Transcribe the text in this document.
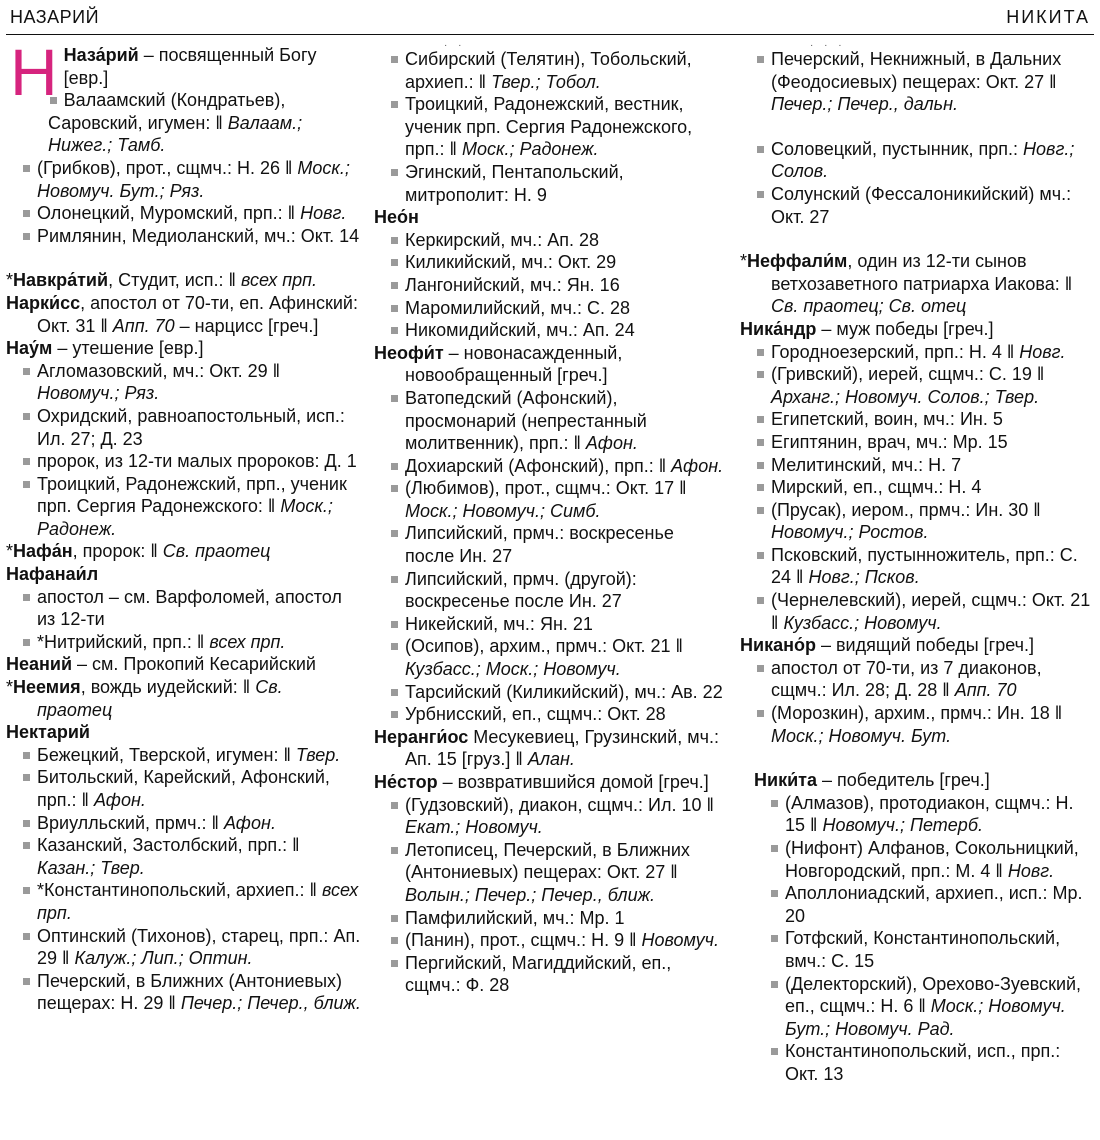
НАЗАРИЙ	НИКИТА
Н Наза́рий – посвященный Богу [евр.]
Валаамский (Кондратьев), Саровский, игумен: ‖ Валаам.; Нижег.; Тамб.
(Грибков), прот., сщмч.: Н. 26 ‖ Моск.; Новомуч. Бут.; Ряз.
Олонецкий, Муромский, прп.: ‖ Новг.
Римлянин, Медиоланский, мч.: Окт. 14
*Навкра́тий, Студит, исп.: ‖ всех прп.
Нарки́сс, апостол от 70-ти, еп. Афинский: Окт. 31 ‖ Апп. 70 – нарцисс [греч.]
Нау́м – утешение [евр.]
Агломазовский, мч.: Окт. 29 ‖ Новомуч.; Ряз.
Охридский, равноапостольный, исп.: Ил. 27; Д. 23
пророк, из 12-ти малых пророков: Д. 1
Троицкий, Радонежский, прп., ученик прп. Сергия Радонежского: ‖ Моск.; Радонеж.
*Нафа́н, пророк: ‖ Св. праотец
Нафанаи́л
апостол – см. Варфоломей, апостол из 12-ти
*Нитрийский, прп.: ‖ всех прп.
Неаний – см. Прокопий Кесарийский
*Неемия, вождь иудейский: ‖ Св. праотец
Нектарий
Бежецкий, Тверской, игумен: ‖ Твер.
Битольский, Карейский, Афонский, прп.: ‖ Афон.
Вриулльский, прмч.: ‖ Афон.
Казанский, Застолбский, прп.: ‖ Казан.; Твер.
*Константинопольский, архиеп.: ‖ всех прп.
Оптинский (Тихонов), старец, прп.: Ап. 29 ‖ Калуж.; Лип.; Оптин.
Печерский, в Ближних (Антониевых) пещерах: Н. 29 ‖ Печер.; Печер., ближ.
· ·
Сибирский (Телятин), Тобольский, архиеп.: ‖ Твер.; Тобол.
Троицкий, Радонежский, вестник, ученик прп. Сергия Радонежского, прп.: ‖ Моск.; Радонеж.
Эгинский, Пентапольский, митрополит: Н. 9
Нео́н
Керкирский, мч.: Ап. 28
Киликийский, мч.: Окт. 29
Лангонийский, мч.: Ян. 16
Маромилийский, мч.: С. 28
Никомидийский, мч.: Ап. 24
Неофи́т – новонасажденный, новообращенный [греч.]
Ватопедский (Афонский), просмонарий (непрестанный молитвенник), прп.: ‖ Афон.
Дохиарский (Афонский), прп.: ‖ Афон.
(Любимов), прот., сщмч.: Окт. 17 ‖ Моск.; Новомуч.; Симб.
Липсийский, прмч.: воскресенье после Ин. 27
Липсийский, прмч. (другой): воскресенье после Ин. 27
Никейский, мч.: Ян. 21
(Осипов), архим., прмч.: Окт. 21 ‖ Кузбасс.; Моск.; Новомуч.
Тарсийский (Киликийский), мч.: Ав. 22
Урбниcский, еп., сщмч.: Окт. 28
Неранги́ос Месукевиец, Грузинский, мч.: Ап. 15 [груз.] ‖ Алан.
Не́стор – возвратившийся домой [греч.]
(Гудзовский), диакон, сщмч.: Ил. 10 ‖ Екат.; Новомуч.
Летописец, Печерский, в Ближних (Антониевых) пещерах: Окт. 27 ‖ Волын.; Печер.; Печер., ближ.
Памфилийский, мч.: Мр. 1
(Панин), прот., сщмч.: Н. 9 ‖ Новомуч.
Пергийский, Магиддийский, еп., сщмч.: Ф. 28
· · ·
Печерский, Некнижный, в Дальних (Феодосиевых) пещерах: Окт. 27 ‖ Печер.; Печер., дальн.
Соловецкий, пустынник, прп.: Новг.; Солов.
Солунский (Фессалоникийский) мч.: Окт. 27
*Неффали́м, один из 12-ти сынов ветхозаветного патриарха Иакова: ‖ Св. праотец; Св. отец
Ника́ндр – муж победы [греч.]
Городноезерский, прп.: Н. 4 ‖ Новг.
(Гривский), иерей, сщмч.: С. 19 ‖ Арханг.; Новомуч. Солов.; Твер.
Египетский, воин, мч.: Ин. 5
Египтянин, врач, мч.: Мр. 15
Мелитинский, мч.: Н. 7
Мирский, еп., сщмч.: Н. 4
(Прусак), иером., прмч.: Ин. 30 ‖ Новомуч.; Ростов.
Псковский, пустынножитель, прп.: С. 24 ‖ Новг.; Псков.
(Чернелевский), иерей, сщмч.: Окт. 21 ‖ Кузбасс.; Новомуч.
Никано́р – видящий победы [греч.]
апостол от 70-ти, из 7 диаконов, сщмч.: Ил. 28; Д. 28 ‖ Апп. 70
(Морозкин), архим., прмч.: Ин. 18 ‖ Моск.; Новомуч. Бут.
Ники́та – победитель [греч.]
(Алмазов), протодиакон, сщмч.: Н. 15 ‖ Новомуч.; Петерб.
(Нифонт) Алфанов, Сокольницкий, Новгородский, прп.: М. 4 ‖ Новг.
Аполлониадский, архиеп., исп.: Мр. 20
Готфский, Константинопольский, вмч.: С. 15
(Делекторский), Орехово-Зуевский, еп., сщмч.: Н. 6 ‖ Моск.; Новомуч. Бут.; Новомуч. Рад.
Константинопольский, исп., прп.: Окт. 13
